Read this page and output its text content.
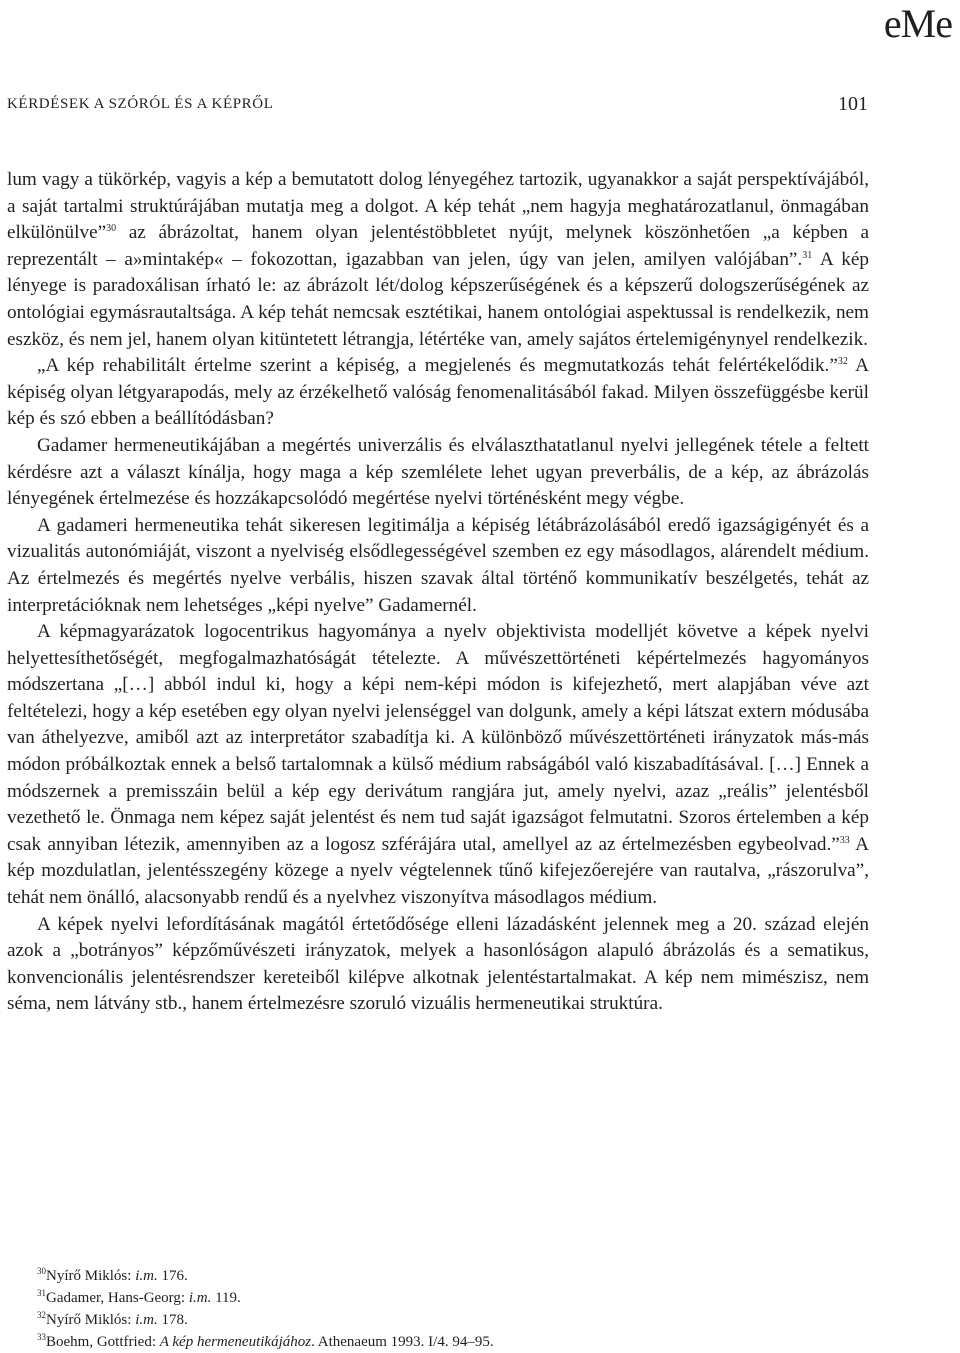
eMe
KÉRDÉSEK A SZÓRÓL ÉS A KÉPRŐL	101

lum vagy a tükörkép, vagyis a kép a bemutatott dolog lényegéhez tartozik, ugyanakkor a saját perspektívájából, a saját tartalmi struktúrájában mutatja meg a dolgot. A kép tehát „nem hagyja meghatározatlanul, önmagában elkülönülve”$^{30}$ az ábrázoltat, hanem olyan jelentéstöbbletet nyújt, melynek köszönhetően „a képben a reprezentált – a»mintakép« – fokozottan, igazabban van jelen, úgy van jelen, amilyen valójában”.$^{31}$ A kép lényege is paradoxálisan írható le: az ábrázolt lét/dolog képszerűségének és a képszerű dologszerűségének az ontológiai egymásrautaltsága. A kép tehát nemcsak esztétikai, hanem ontológiai aspektussal is rendelkezik, nem eszköz, és nem jel, hanem olyan kitüntetett létrangja, létértéke van, amely sajátos értelemigénynyel rendelkezik.

„A kép rehabilitált értelme szerint a képiség, a megjelenés és megmutatkozás tehát felértékelődik.”$^{32}$ A képiség olyan létgyarapodás, mely az érzékelhető valóság fenomenalitásából fakad. Milyen összefüggésbe kerül kép és szó ebben a beállítódásban?

Gadamer hermeneutikájában a megértés univerzális és elválaszthatatlanul nyelvi jellegének tétele a feltett kérdésre azt a választ kínálja, hogy maga a kép szemlélete lehet ugyan preverbális, de a kép, az ábrázolás lényegének értelmezése és hozzákapcsolódó megértése nyelvi történésként megy végbe.

A gadameri hermeneutika tehát sikeresen legitimálja a képiség létábrázolásából eredő igazságigényét és a vizualitás autonómiáját, viszont a nyelviség elsődlegességével szemben ez egy másodlagos, alárendelt médium. Az értelmezés és megértés nyelve verbális, hiszen szavak által történő kommunikatív beszélgetés, tehát az interpretációknak nem lehetséges „képi nyelve” Gadamernél.

A képmagyarázatok logocentrikus hagyománya a nyelv objektivista modelljét követve a képek nyelvi helyettesíthetőségét, megfogalmazhatóságát tételezte. A művészettörténeti képértelmezés hagyományos módszertana „[…] abból indul ki, hogy a képi nem-képi módon is kifejezhető, mert alapjában véve azt feltételezi, hogy a kép esetében egy olyan nyelvi jelenséggel van dolgunk, amely a képi látszat extern módusába van áthelyezve, amiből azt az interpretátor szabadítja ki. A különböző művészettörténeti irányzatok más-más módon próbálkoztak ennek a belső tartalomnak a külső médium rabságából való kiszabadításával. […] Ennek a módszernek a premisszáin belül a kép egy derivátum rangjára jut, amely nyelvi, azaz „reális” jelentésből vezethető le. Önmaga nem képez saját jelentést és nem tud saját igazságot felmutatni. Szoros értelemben a kép csak annyiban létezik, amennyiben az a logosz szférájára utal, amellyel az az értelmezésben egybeolvad.”$^{33}$ A kép mozdulatlan, jelentésszegény közege a nyelv végtelennek tűnő kifejezőerejére van rautalva, „rászorulva”, tehát nem önálló, alacsonyabb rendű és a nyelvhez viszonyítva másodlagos médium.

A képek nyelvi lefordításának magától értetődősége elleni lázadásként jelennek meg a 20. század elején azok a „botrányos” képzőművészeti irányzatok, melyek a hasonlóságon alapuló ábrázolás és a sematikus, konvencionális jelentésrendszer kereteiből kilépve alkotnak jelentéstartalmakat. A kép nem mimészisz, nem séma, nem látvány stb., hanem értelmezésre szoruló vizuális hermeneutikai struktúra.

$^{30}$Nyírő Miklós: i.m. 176.
$^{31}$Gadamer, Hans-Georg: i.m. 119.
$^{32}$Nyírő Miklós: i.m. 178.
$^{33}$Boehm, Gottfried: A kép hermeneutikájához. Athenaeum 1993. I/4. 94–95.
